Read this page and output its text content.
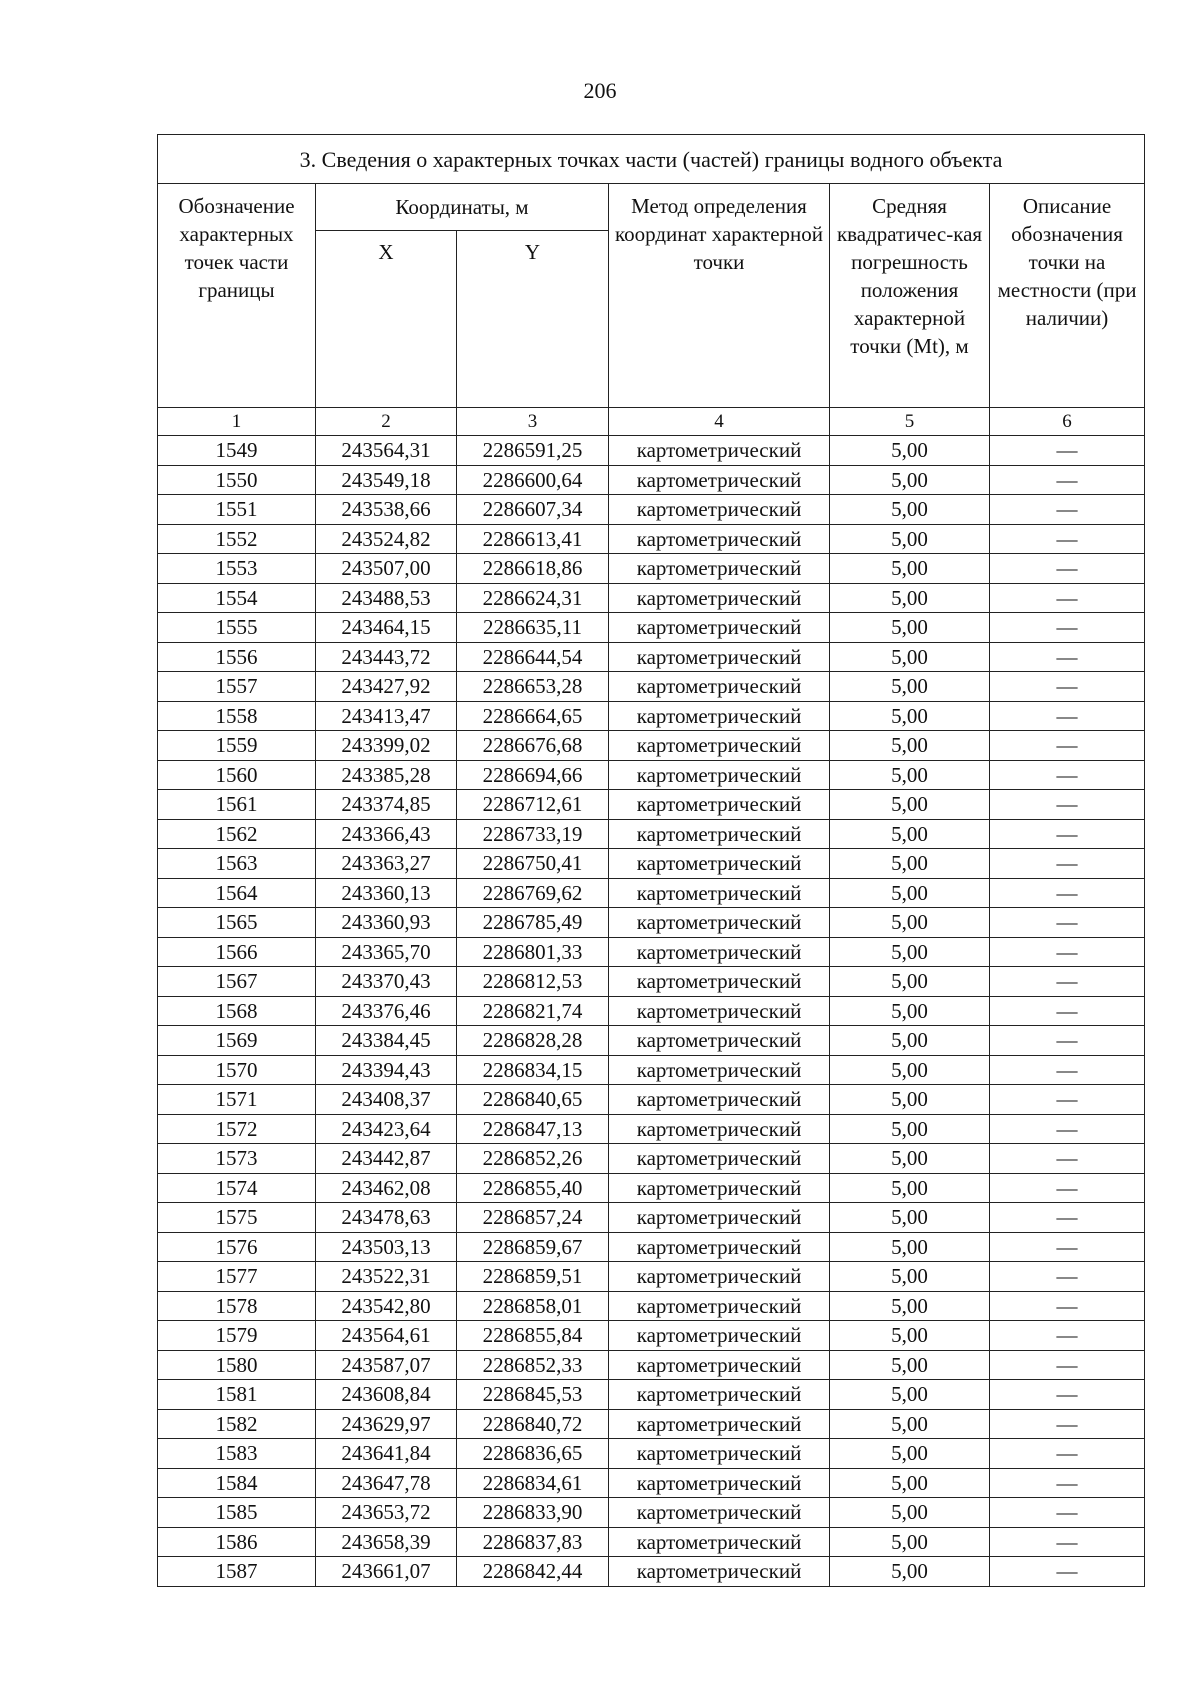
206
3. Сведения о характерных точках части (частей) границы водного объекта					
Обозначение характерных точек части границы	Координаты, м		Метод определения координат характерной точки	Средняя квадратичес-кая погрешность положения характерной точки (Mt), м	Описание обозначения точки на местности (при наличии)
	X	Y			
1	2	3	4	5	6
1549	243564,31	2286591,25	картометрический	5,00	—
1550	243549,18	2286600,64	картометрический	5,00	—
1551	243538,66	2286607,34	картометрический	5,00	—
1552	243524,82	2286613,41	картометрический	5,00	—
1553	243507,00	2286618,86	картометрический	5,00	—
1554	243488,53	2286624,31	картометрический	5,00	—
1555	243464,15	2286635,11	картометрический	5,00	—
1556	243443,72	2286644,54	картометрический	5,00	—
1557	243427,92	2286653,28	картометрический	5,00	—
1558	243413,47	2286664,65	картометрический	5,00	—
1559	243399,02	2286676,68	картометрический	5,00	—
1560	243385,28	2286694,66	картометрический	5,00	—
1561	243374,85	2286712,61	картометрический	5,00	—
1562	243366,43	2286733,19	картометрический	5,00	—
1563	243363,27	2286750,41	картометрический	5,00	—
1564	243360,13	2286769,62	картометрический	5,00	—
1565	243360,93	2286785,49	картометрический	5,00	—
1566	243365,70	2286801,33	картометрический	5,00	—
1567	243370,43	2286812,53	картометрический	5,00	—
1568	243376,46	2286821,74	картометрический	5,00	—
1569	243384,45	2286828,28	картометрический	5,00	—
1570	243394,43	2286834,15	картометрический	5,00	—
1571	243408,37	2286840,65	картометрический	5,00	—
1572	243423,64	2286847,13	картометрический	5,00	—
1573	243442,87	2286852,26	картометрический	5,00	—
1574	243462,08	2286855,40	картометрический	5,00	—
1575	243478,63	2286857,24	картометрический	5,00	—
1576	243503,13	2286859,67	картометрический	5,00	—
1577	243522,31	2286859,51	картометрический	5,00	—
1578	243542,80	2286858,01	картометрический	5,00	—
1579	243564,61	2286855,84	картометрический	5,00	—
1580	243587,07	2286852,33	картометрический	5,00	—
1581	243608,84	2286845,53	картометрический	5,00	—
1582	243629,97	2286840,72	картометрический	5,00	—
1583	243641,84	2286836,65	картометрический	5,00	—
1584	243647,78	2286834,61	картометрический	5,00	—
1585	243653,72	2286833,90	картометрический	5,00	—
1586	243658,39	2286837,83	картометрический	5,00	—
1587	243661,07	2286842,44	картометрический	5,00	—
